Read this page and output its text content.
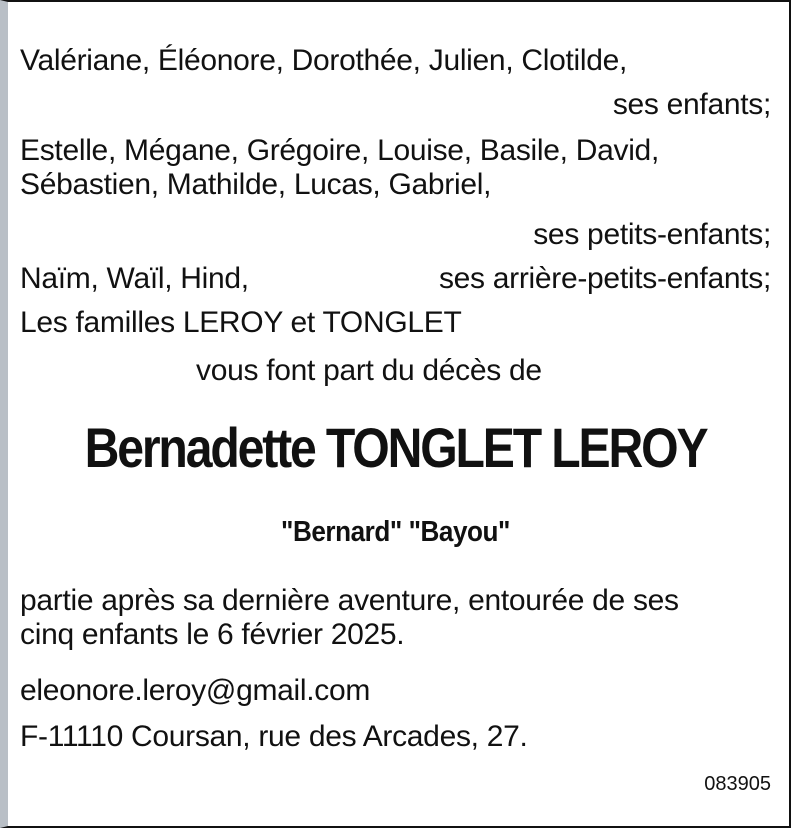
Valériane, Éléonore, Dorothée, Julien, Clotilde,
ses enfants;
Estelle, Mégane, Grégoire, Louise, Basile, David,
Sébastien, Mathilde, Lucas, Gabriel,
ses petits-enfants;
Naïm, Waïl, Hind,	ses arrière-petits-enfants;
Les familles LEROY et TONGLET
vous font part du décès de
Bernadette TONGLET LEROY
"Bernard" "Bayou"
partie après sa dernière aventure, entourée de ses
cinq enfants le 6 février 2025.
eleonore.leroy@gmail.com
F-11110 Coursan, rue des Arcades, 27.
083905
